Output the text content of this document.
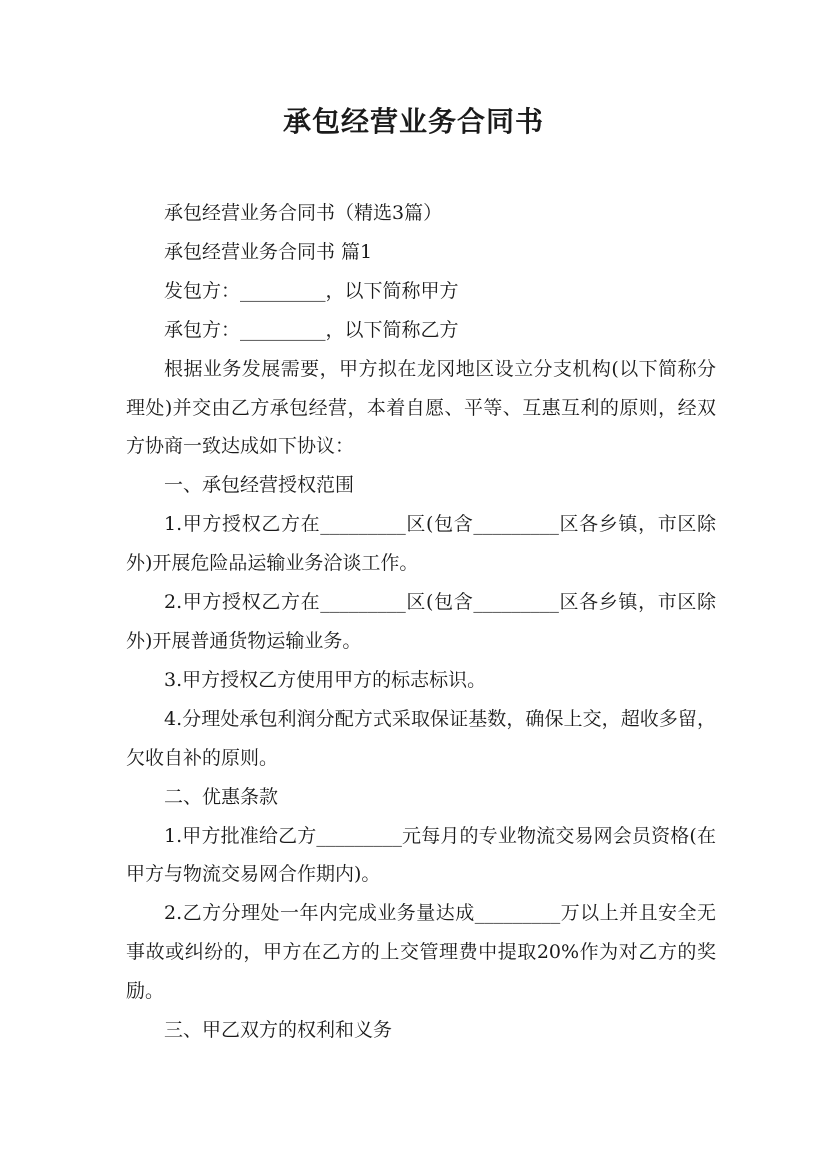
承包经营业务合同书

承包经营业务合同书（精选3篇）

承包经营业务合同书 篇1

发包方：_________，以下简称甲方

承包方：_________，以下简称乙方

根据业务发展需要，甲方拟在龙冈地区设立分支机构(以下简称分理处)并交由乙方承包经营，本着自愿、平等、互惠互利的原则，经双方协商一致达成如下协议：

一、承包经营授权范围

1.甲方授权乙方在_________区(包含_________区各乡镇，市区除外)开展危险品运输业务洽谈工作。

2.甲方授权乙方在_________区(包含_________区各乡镇，市区除外)开展普通货物运输业务。

3.甲方授权乙方使用甲方的标志标识。

4.分理处承包利润分配方式采取保证基数，确保上交，超收多留，欠收自补的原则。

二、优惠条款

1.甲方批准给乙方_________元每月的专业物流交易网会员资格(在甲方与物流交易网合作期内)。

2.乙方分理处一年内完成业务量达成_________万以上并且安全无事故或纠纷的，甲方在乙方的上交管理费中提取20%作为对乙方的奖励。

三、甲乙双方的权利和义务
